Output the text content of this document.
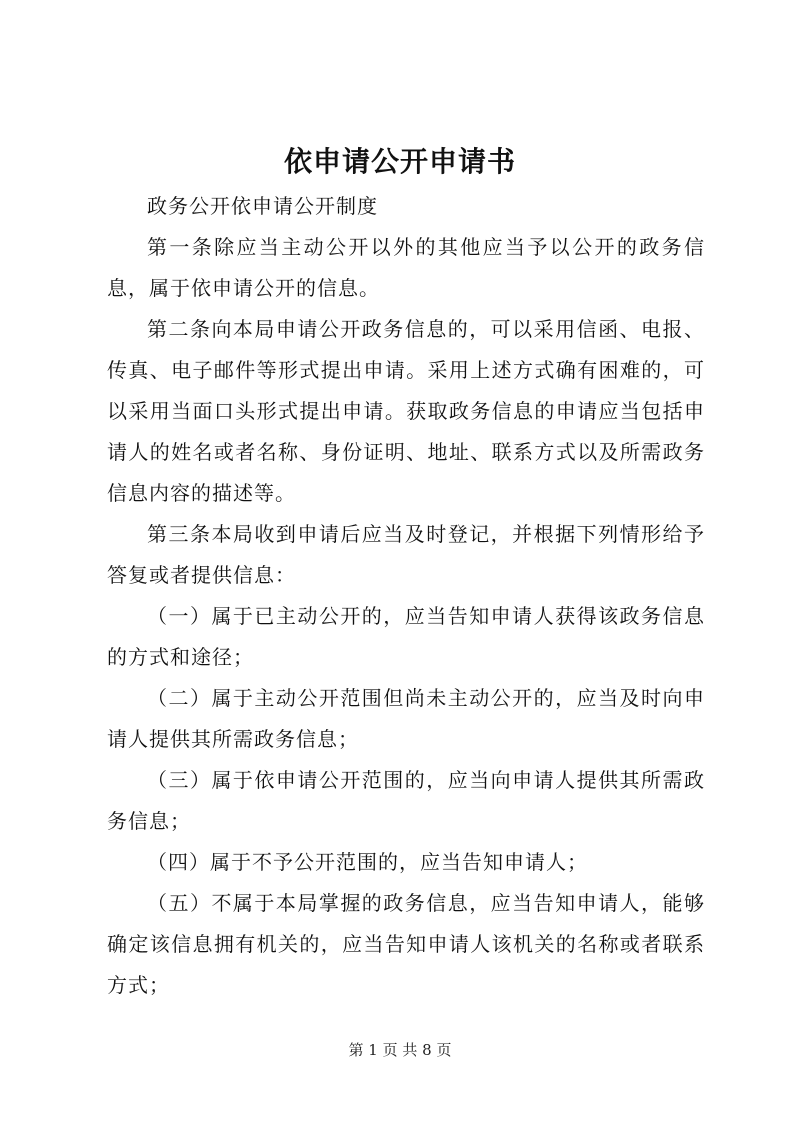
依申请公开申请书

政务公开依申请公开制度

第一条除应当主动公开以外的其他应当予以公开的政务信息，属于依申请公开的信息。

第二条向本局申请公开政务信息的，可以采用信函、电报、传真、电子邮件等形式提出申请。采用上述方式确有困难的，可以采用当面口头形式提出申请。获取政务信息的申请应当包括申请人的姓名或者名称、身份证明、地址、联系方式以及所需政务信息内容的描述等。

第三条本局收到申请后应当及时登记，并根据下列情形给予答复或者提供信息：

（一）属于已主动公开的，应当告知申请人获得该政务信息的方式和途径；

（二）属于主动公开范围但尚未主动公开的，应当及时向申请人提供其所需政务信息；

（三）属于依申请公开范围的，应当向申请人提供其所需政务信息；

（四）属于不予公开范围的，应当告知申请人；

（五）不属于本局掌握的政务信息，应当告知申请人，能够确定该信息拥有机关的，应当告知申请人该机关的名称或者联系方式；

第 1 页 共 8 页
